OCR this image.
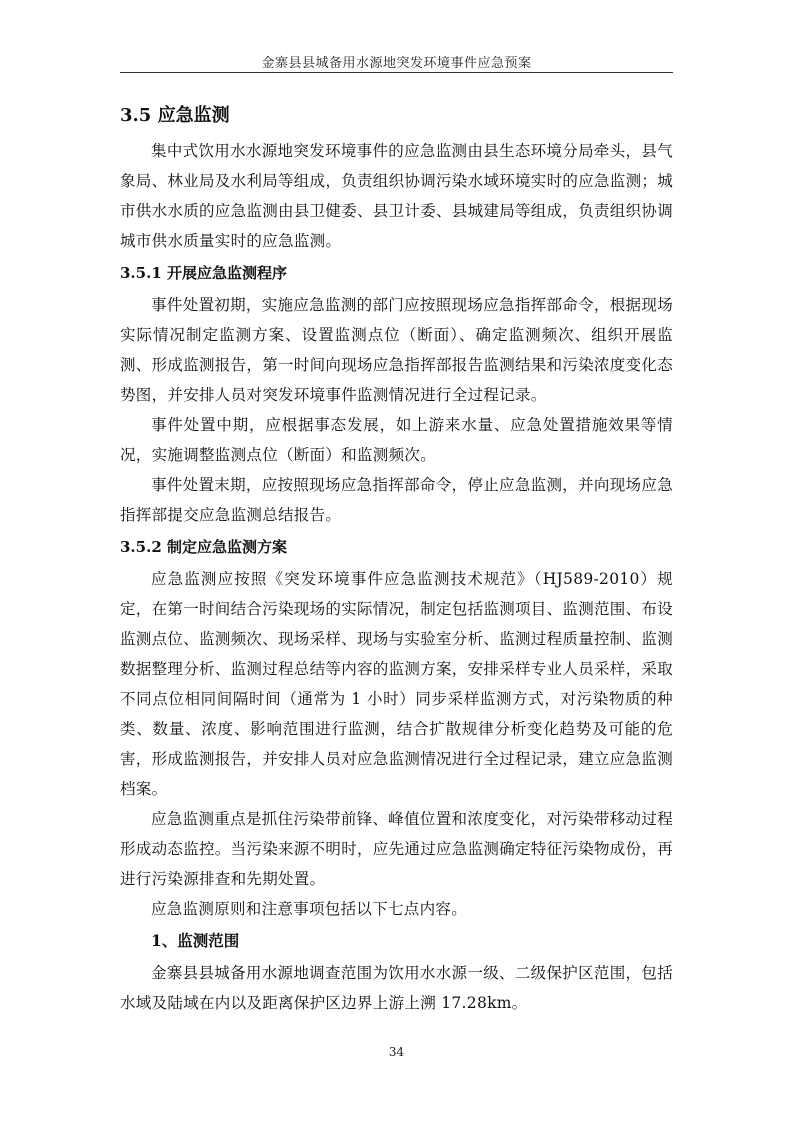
金寨县县城备用水源地突发环境事件应急预案
3.5 应急监测

集中式饮用水水源地突发环境事件的应急监测由县生态环境分局牵头，县气象局、林业局及水利局等组成，负责组织协调污染水域环境实时的应急监测；城市供水水质的应急监测由县卫健委、县卫计委、县城建局等组成，负责组织协调城市供水质量实时的应急监测。

3.5.1 开展应急监测程序

事件处置初期，实施应急监测的部门应按照现场应急指挥部命令，根据现场实际情况制定监测方案、设置监测点位（断面）、确定监测频次、组织开展监测、形成监测报告，第一时间向现场应急指挥部报告监测结果和污染浓度变化态势图，并安排人员对突发环境事件监测情况进行全过程记录。

事件处置中期，应根据事态发展，如上游来水量、应急处置措施效果等情况，实施调整监测点位（断面）和监测频次。

事件处置末期，应按照现场应急指挥部命令，停止应急监测，并向现场应急指挥部提交应急监测总结报告。

3.5.2 制定应急监测方案

应急监测应按照《突发环境事件应急监测技术规范》（HJ589-2010）规定，在第一时间结合污染现场的实际情况，制定包括监测项目、监测范围、布设监测点位、监测频次、现场采样、现场与实验室分析、监测过程质量控制、监测数据整理分析、监测过程总结等内容的监测方案，安排采样专业人员采样，采取不同点位相同间隔时间（通常为 1 小时）同步采样监测方式，对污染物质的种类、数量、浓度、影响范围进行监测，结合扩散规律分析变化趋势及可能的危害，形成监测报告，并安排人员对应急监测情况进行全过程记录，建立应急监测档案。

应急监测重点是抓住污染带前锋、峰值位置和浓度变化，对污染带移动过程形成动态监控。当污染来源不明时，应先通过应急监测确定特征污染物成份，再进行污染源排查和先期处置。

应急监测原则和注意事项包括以下七点内容。

1、监测范围

金寨县县城备用水源地调查范围为饮用水水源一级、二级保护区范围，包括水域及陆域在内以及距离保护区边界上游上溯 17.28km。

34
